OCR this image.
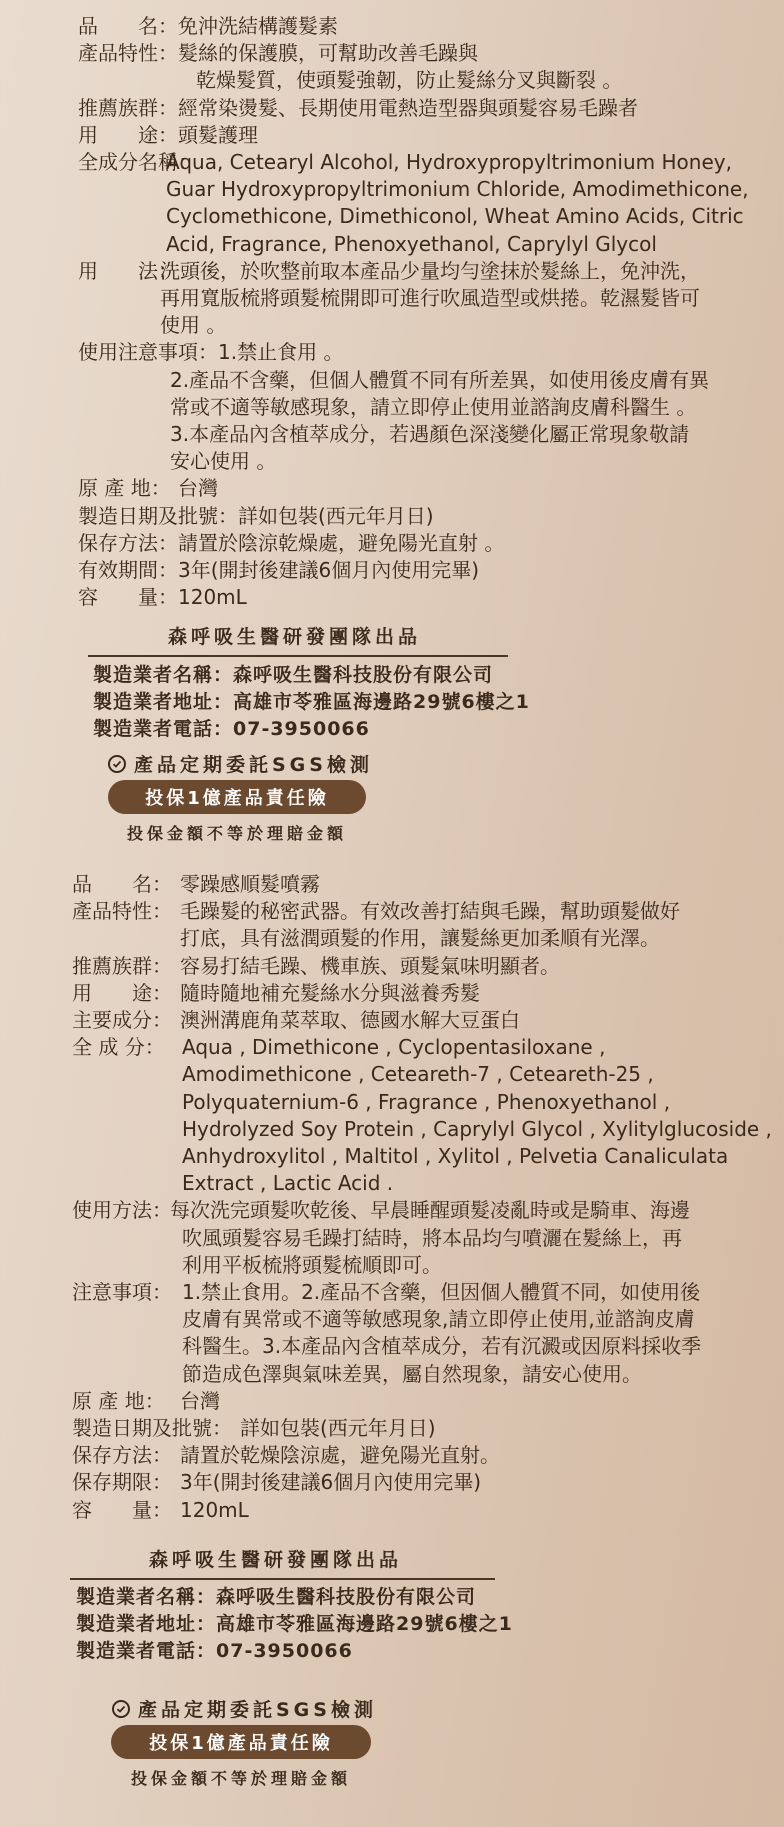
品　　名： 免沖洗結構護髮素
產品特性： 髮絲的保護膜，可幫助改善毛躁與
乾燥髮質，使頭髮強韌，防止髮絲分叉與斷裂 。
推薦族群： 經常染燙髮、長期使用電熱造型器與頭髮容易毛躁者
用　　途： 頭髮護理
全成分名稱：
Aqua, Cetearyl Alcohol, Hydroxypropyltrimonium Honey,
Guar Hydroxypropyltrimonium Chloride, Amodimethicone,
Cyclomethicone, Dimethiconol, Wheat Amino Acids, Citric
Acid, Fragrance, Phenoxyethanol, Caprylyl Glycol
用　　法：
洗頭後，於吹整前取本產品少量均勻塗抹於髮絲上，免沖洗，
再用寬版梳將頭髮梳開即可進行吹風造型或烘捲。乾濕髮皆可
使用 。
使用注意事項： 1.禁止食用 。
2.產品不含藥，但個人體質不同有所差異，如使用後皮膚有異
常或不適等敏感現象，請立即停止使用並諮詢皮膚科醫生 。
3.本產品內含植萃成分，若遇顏色深淺變化屬正常現象敬請
安心使用 。
原 產 地： 台灣
製造日期及批號： 詳如包裝(西元年月日)
保存方法： 請置於陰涼乾燥處，避免陽光直射 。
有效期間： 3年(開封後建議6個月內使用完畢)
容　　量： 120mL
森呼吸生醫研發團隊出品
製造業者名稱：森呼吸生醫科技股份有限公司
製造業者地址：高雄市苓雅區海邊路29號6樓之1
製造業者電話：07-3950066
產品定期委託SGS檢測
投保1億產品責任險
投保金額不等於理賠金額
品　　名： 零躁感順髮噴霧
產品特性： 毛躁髮的秘密武器。有效改善打結與毛躁，幫助頭髮做好
打底，具有滋潤頭髮的作用，讓髮絲更加柔順有光澤。
推薦族群： 容易打結毛躁、機車族、頭髮氣味明顯者。
用　　途： 隨時隨地補充髮絲水分與滋養秀髮
主要成分： 澳洲溝鹿角菜萃取、德國水解大豆蛋白
全 成 分： Aqua , Dimethicone , Cyclopentasiloxane ,
Amodimethicone , Ceteareth-7 , Ceteareth-25 ,
Polyquaternium-6 , Fragrance , Phenoxyethanol ,
Hydrolyzed Soy Protein , Caprylyl Glycol , Xylitylglucoside ,
Anhydroxylitol , Maltitol , Xylitol , Pelvetia Canaliculata
Extract , Lactic Acid .
使用方法：
每次洗完頭髮吹乾後、早晨睡醒頭髮凌亂時或是騎車、海邊
吹風頭髮容易毛躁打結時，將本品均勻噴灑在髮絲上，再
利用平板梳將頭髮梳順即可。
注意事項： 1.禁止食用。2.產品不含藥，但因個人體質不同，如使用後
皮膚有異常或不適等敏感現象,請立即停止使用,並諮詢皮膚
科醫生。3.本產品內含植萃成分，若有沉澱或因原料採收季
節造成色澤與氣味差異，屬自然現象，請安心使用。
原 產 地： 台灣
製造日期及批號： 詳如包裝(西元年月日)
保存方法： 請置於乾燥陰涼處，避免陽光直射。
保存期限： 3年(開封後建議6個月內使用完畢)
容　　量： 120mL
森呼吸生醫研發團隊出品
製造業者名稱：森呼吸生醫科技股份有限公司
製造業者地址：高雄市苓雅區海邊路29號6樓之1
製造業者電話：07-3950066
產品定期委託SGS檢測
投保1億產品責任險
投保金額不等於理賠金額
